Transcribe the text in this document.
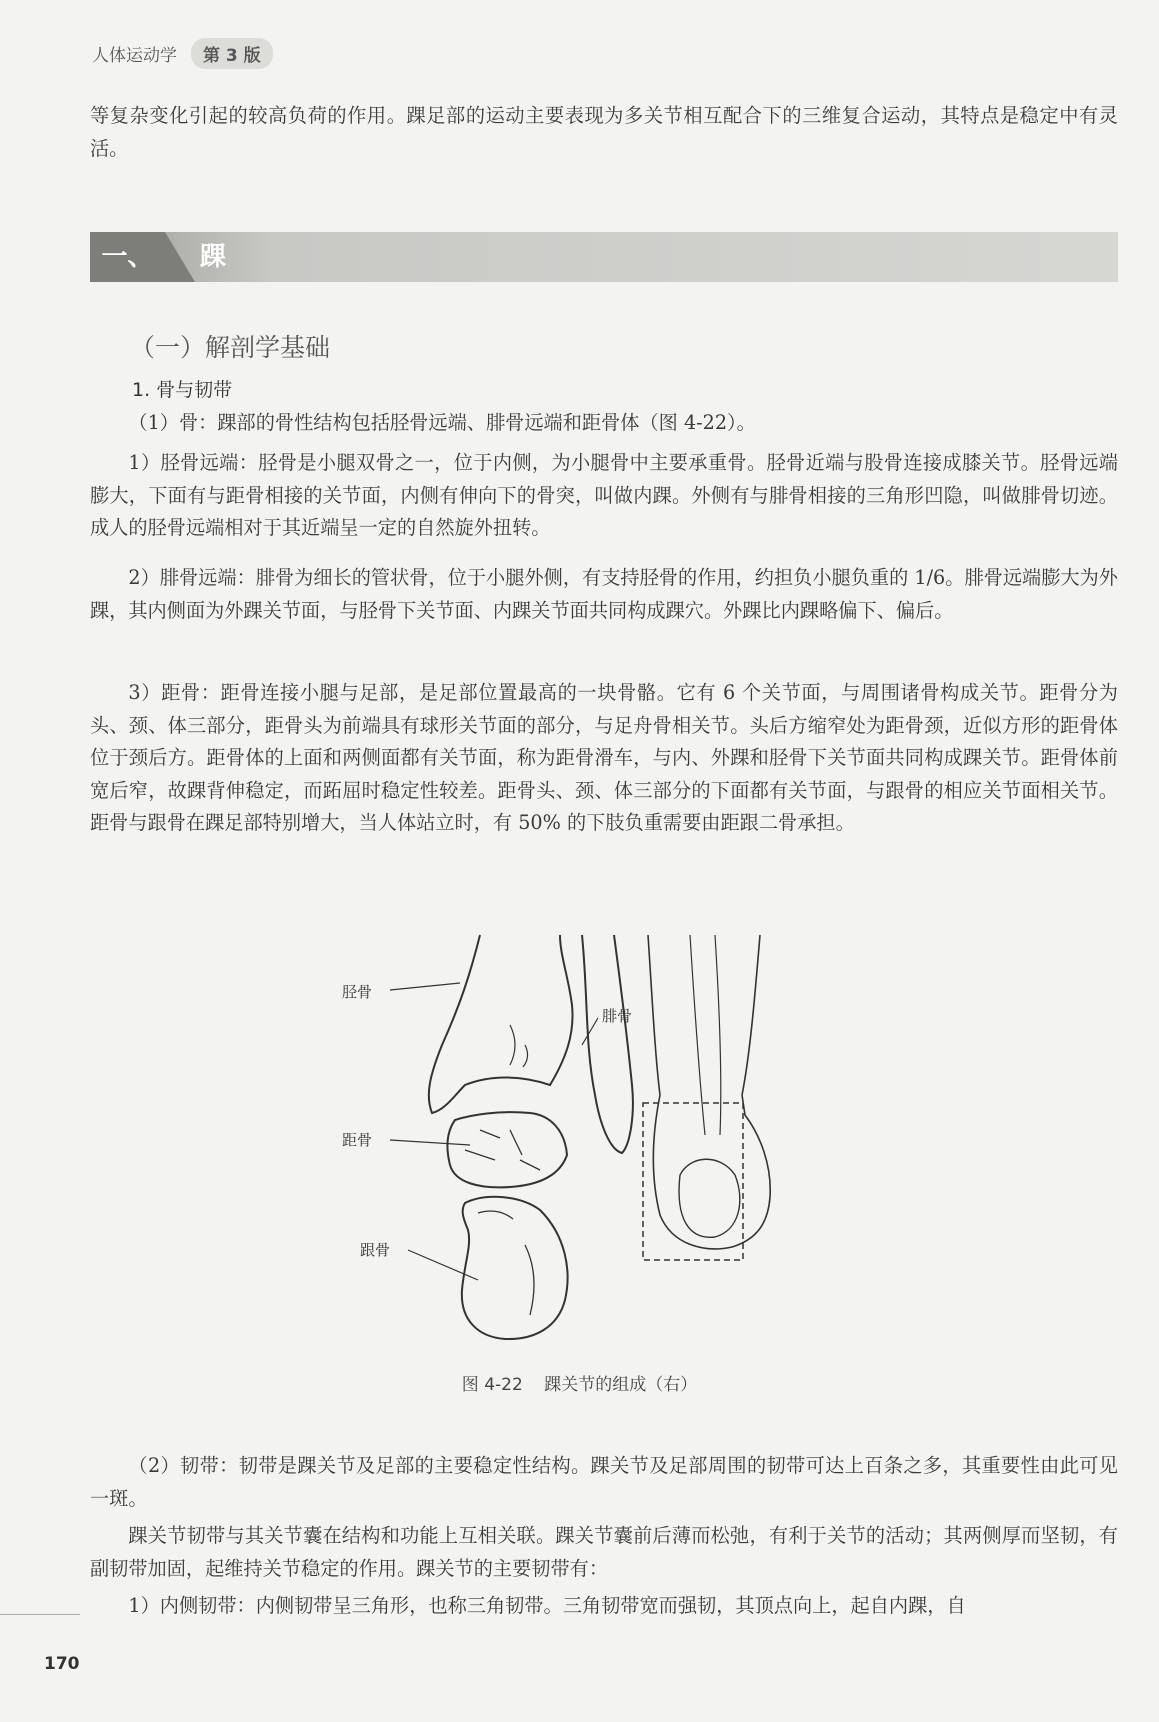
人体运动学	第 3 版

等复杂变化引起的较高负荷的作用。踝足部的运动主要表现为多关节相互配合下的三维复合运动，其特点是稳定中有灵活。

一、	踝
（一）解剖学基础
1. 骨与韧带

（1）骨：踝部的骨性结构包括胫骨远端、腓骨远端和距骨体（图 4-22）。

1）胫骨远端：胫骨是小腿双骨之一，位于内侧，为小腿骨中主要承重骨。胫骨近端与股骨连接成膝关节。胫骨远端膨大，下面有与距骨相接的关节面，内侧有伸向下的骨突，叫做内踝。外侧有与腓骨相接的三角形凹隐，叫做腓骨切迹。成人的胫骨远端相对于其近端呈一定的自然旋外扭转。

2）腓骨远端：腓骨为细长的管状骨，位于小腿外侧，有支持胫骨的作用，约担负小腿负重的 1/6。腓骨远端膨大为外踝，其内侧面为外踝关节面，与胫骨下关节面、内踝关节面共同构成踝穴。外踝比内踝略偏下、偏后。

3）距骨：距骨连接小腿与足部，是足部位置最高的一块骨骼。它有 6 个关节面，与周围诸骨构成关节。距骨分为头、颈、体三部分，距骨头为前端具有球形关节面的部分，与足舟骨相关节。头后方缩窄处为距骨颈，近似方形的距骨体位于颈后方。距骨体的上面和两侧面都有关节面，称为距骨滑车，与内、外踝和胫骨下关节面共同构成踝关节。距骨体前宽后窄，故踝背伸稳定，而跖屈时稳定性较差。距骨头、颈、体三部分的下面都有关节面，与跟骨的相应关节面相关节。距骨与跟骨在踝足部特别增大，当人体站立时，有 50% 的下肢负重需要由距跟二骨承担。

胫骨
腓骨
距骨
跟骨
图 4-22 踝关节的组成（右）

（2）韧带：韧带是踝关节及足部的主要稳定性结构。踝关节及足部周围的韧带可达上百条之多，其重要性由此可见一斑。

踝关节韧带与其关节囊在结构和功能上互相关联。踝关节囊前后薄而松弛，有利于关节的活动；其两侧厚而坚韧，有副韧带加固，起维持关节稳定的作用。踝关节的主要韧带有：

1）内侧韧带：内侧韧带呈三角形，也称三角韧带。三角韧带宽而强韧，其顶点向上，起自内踝，自

170
